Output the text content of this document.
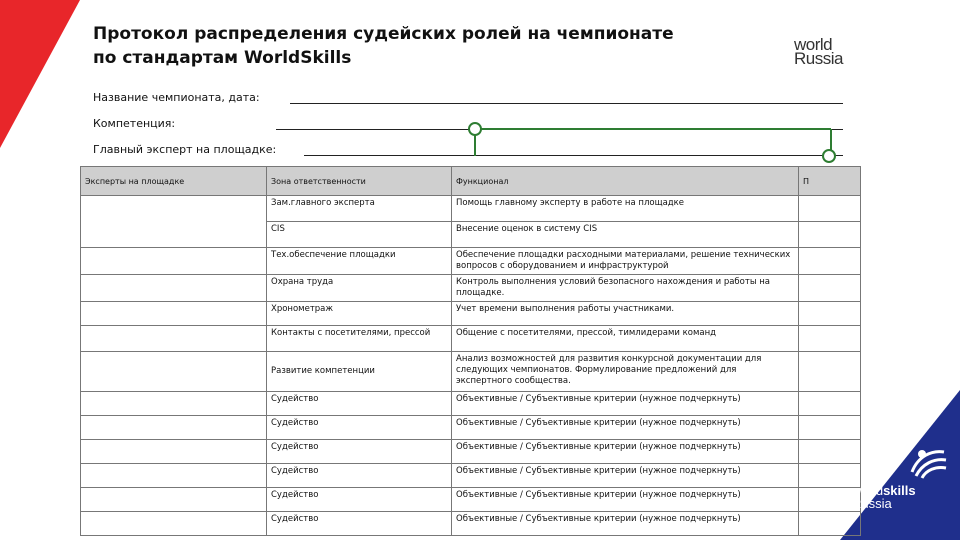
Протокол распределения судейских ролей на чемпионате
по стандартам WorldSkills
world
Russia
Название чемпионата, дата:
Компетенция:
Главный эксперт на площадке:
Эксперты на площадке	Зона ответственности	Функционал	П
	Зам.главного эксперта	Помощь главному эксперту в работе на площадке	
	CIS	Внесение оценок в систему CIS	
	Тех.обеспечение площадки	Обеспечение площадки расходными материалами, решение технических вопросов с оборудованием и инфраструктурой	
	Охрана труда	Контроль выполнения условий безопасного нахождения и работы на площадке.	
	Хронометраж	Учет времени выполнения работы участниками.	
	Контакты с посетителями, прессой	Общение с посетителями, прессой, тимлидерами команд	
	Развитие компетенции	Анализ возможностей для развития конкурсной документации для следующих чемпионатов. Формулирование предложений для экспертного сообщества.	
	Судейство	Объективные / Субъективные критерии (нужное подчеркнуть)	
	Судейство	Объективные / Субъективные критерии (нужное подчеркнуть)	
	Судейство	Объективные / Субъективные критерии (нужное подчеркнуть)	
	Судейство	Объективные / Субъективные критерии (нужное подчеркнуть)	
	Судейство	Объективные / Субъективные критерии (нужное подчеркнуть)	
	Судейство	Объективные / Субъективные критерии (нужное подчеркнуть)	
worldskills
Russia
